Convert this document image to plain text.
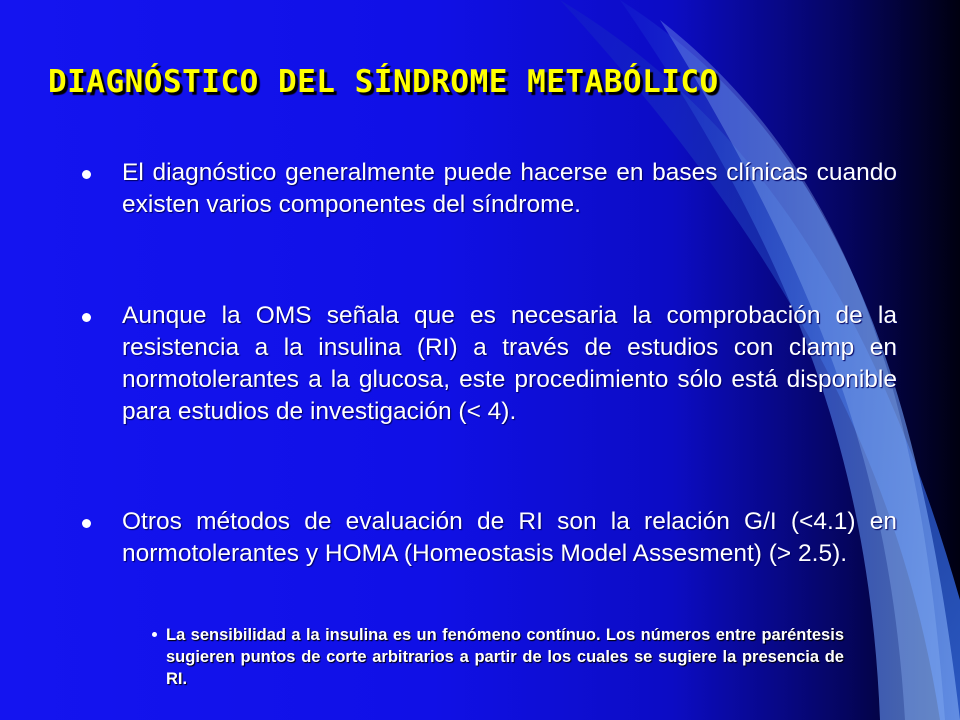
DIAGNÓSTICO DEL SÍNDROME METABÓLICO
El diagnóstico generalmente puede hacerse en bases clínicas cuando existen varios componentes del síndrome.
Aunque la OMS señala que es necesaria la comprobación de la resistencia a la insulina (RI) a través de estudios con clamp en normotolerantes a la glucosa, este procedimiento sólo está disponible para estudios de investigación (< 4).
Otros métodos de evaluación de RI son la relación G/I (<4.1) en normotolerantes y HOMA (Homeostasis Model Assesment) (> 2.5).
La sensibilidad a la insulina es un fenómeno contínuo. Los números entre paréntesis sugieren puntos de corte arbitrarios a partir de los cuales se sugiere la presencia de RI.
